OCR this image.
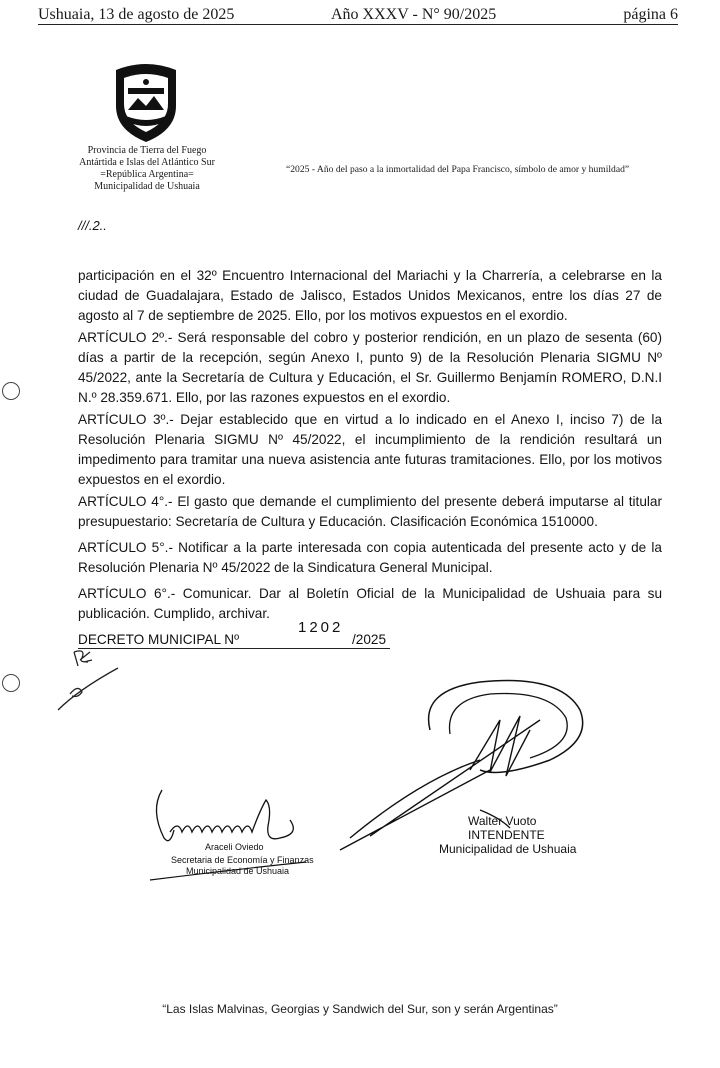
Ushuaia, 13 de agosto de 2025	Año XXXV - N° 90/2025	página 6
Provincia de Tierra del Fuego
Antártida e Islas del Atlántico Sur
=República Argentina=
Municipalidad de Ushuaia
“2025 - Año del paso a la inmortalidad del Papa Francisco, símbolo de amor y humildad”
///.2..
participación en el 32º Encuentro Internacional del Mariachi y la Charrería, a celebrarse en la ciudad de Guadalajara, Estado de Jalisco, Estados Unidos Mexicanos, entre los días 27 de agosto al 7 de septiembre de 2025. Ello, por los motivos expuestos en el exordio.
ARTÍCULO 2º.- Será responsable del cobro y posterior rendición, en un plazo de sesenta (60) días a partir de la recepción, según Anexo I, punto 9) de la Resolución Plenaria SIGMU Nº 45/2022, ante la Secretaría de Cultura y Educación, el Sr. Guillermo Benjamín ROMERO, D.N.I N.º 28.359.671. Ello, por las razones expuestos en el exordio.
ARTÍCULO 3º.- Dejar establecido que en virtud a lo indicado en el Anexo I, inciso 7) de la Resolución Plenaria SIGMU Nº 45/2022, el incumplimiento de la rendición resultará un impedimento para tramitar una nueva asistencia ante futuras tramitaciones. Ello, por los motivos expuestos en el exordio.
ARTÍCULO 4°.- El gasto que demande el cumplimiento del presente deberá imputarse al titular presupuestario: Secretaría de Cultura y Educación. Clasificación Económica 1510000.
ARTÍCULO 5°.- Notificar a la parte interesada con copia autenticada del presente acto y de la Resolución Plenaria Nº 45/2022 de la Sindicatura General Municipal.
ARTÍCULO 6°.- Comunicar. Dar al Boletín Oficial de la Municipalidad de Ushuaia para su publicación. Cumplido, archivar.
DECRETO MUNICIPAL Nº
1202
/2025
Walter Vuoto
INTENDENTE
Municipalidad de Ushuaia
Araceli Oviedo
Secretaria de Economía y Finanzas
Municipalidad de Ushuaia
“Las Islas Malvinas, Georgias y Sandwich del Sur, son y serán Argentinas”
